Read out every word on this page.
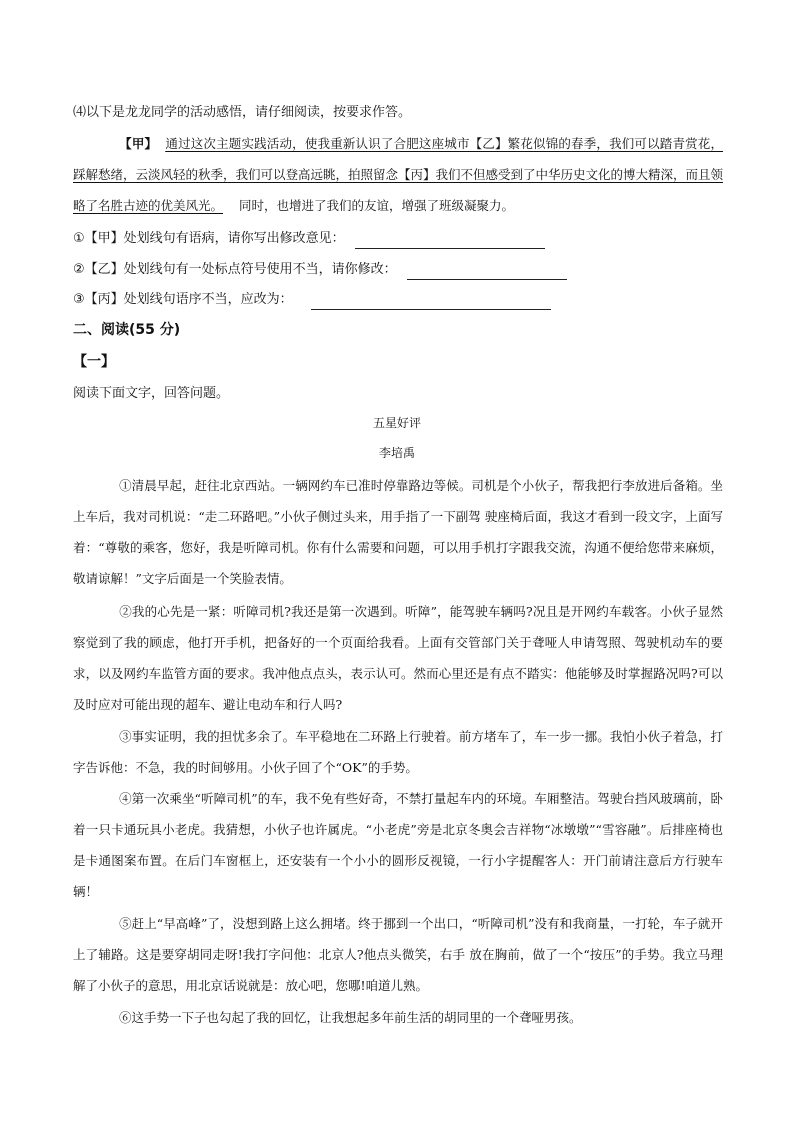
⑷以下是龙龙同学的活动感悟，请仔细阅读，按要求作答。
【甲】 通过这次主题实践活动，使我重新认识了合肥这座城市【乙】繁花似锦的春季，我们可以踏青赏花，踩解愁绪，云淡风轻的秋季，我们可以登高远眺，拍照留念【丙】我们不但感受到了中华历史文化的博大精深，而且领略了名胜古迹的优美风光。 同时，也增进了我们的友谊，增强了班级凝聚力。
①【甲】处划线句有语病，请你写出修改意见：
②【乙】处划线句有一处标点符号使用不当，请你修改：
③【丙】处划线句语序不当，应改为：
二、阅读(55 分)
【一】
阅读下面文字，回答问题。
五星好评
李培禹
①清晨早起，赶往北京西站。一辆网约车已准时停靠路边等候。司机是个小伙子，帮我把行李放进后备箱。坐上车后，我对司机说：“走二环路吧。”小伙子侧过头来，用手指了一下副驾 驶座椅后面，我这才看到一段文字，上面写着：“尊敬的乘客，您好，我是听障司机。你有什么需要和问题，可以用手机打字跟我交流，沟通不便给您带来麻烦，敬请谅解！”文字后面是一个笑脸表情。
②我的心先是一紧：听障司机?我还是第一次遇到。听障”，能驾驶车辆吗?况且是开网约车载客。小伙子显然察觉到了我的顾虑，他打开手机，把备好的一个页面给我看。上面有交管部门关于聋哑人申请驾照、驾驶机动车的要求，以及网约车监管方面的要求。我冲他点点头，表示认可。然而心里还是有点不踏实：他能够及时掌握路况吗?可以及时应对可能出现的超车、避让电动车和行人吗?
③事实证明，我的担忧多余了。车平稳地在二环路上行驶着。前方堵车了，车一步一挪。我怕小伙子着急，打字告诉他：不急，我的时间够用。小伙子回了个“OK”的手势。
④第一次乘坐“听障司机”的车，我不免有些好奇，不禁打量起车内的环境。车厢整洁。驾驶台挡风玻璃前，卧着一只卡通玩具小老虎。我猜想，小伙子也许属虎。“小老虎”旁是北京冬奥会吉祥物“冰墩墩”“雪容融”。后排座椅也是卡通图案布置。在后门车窗框上，还安装有一个小小的圆形反视镜，一行小字提醒客人：开门前请注意后方行驶车辆！
⑤赶上“早高峰”了，没想到路上这么拥堵。终于挪到一个出口，“听障司机”没有和我商量，一打轮，车子就开上了辅路。这是要穿胡同走呀!我打字问他：北京人?他点头微笑，右手 放在胸前，做了一个“按压”的手势。我立马理解了小伙子的意思，用北京话说就是：放心吧，您哪!咱道儿熟。
⑥这手势一下子也勾起了我的回忆，让我想起多年前生活的胡同里的一个聋哑男孩。
